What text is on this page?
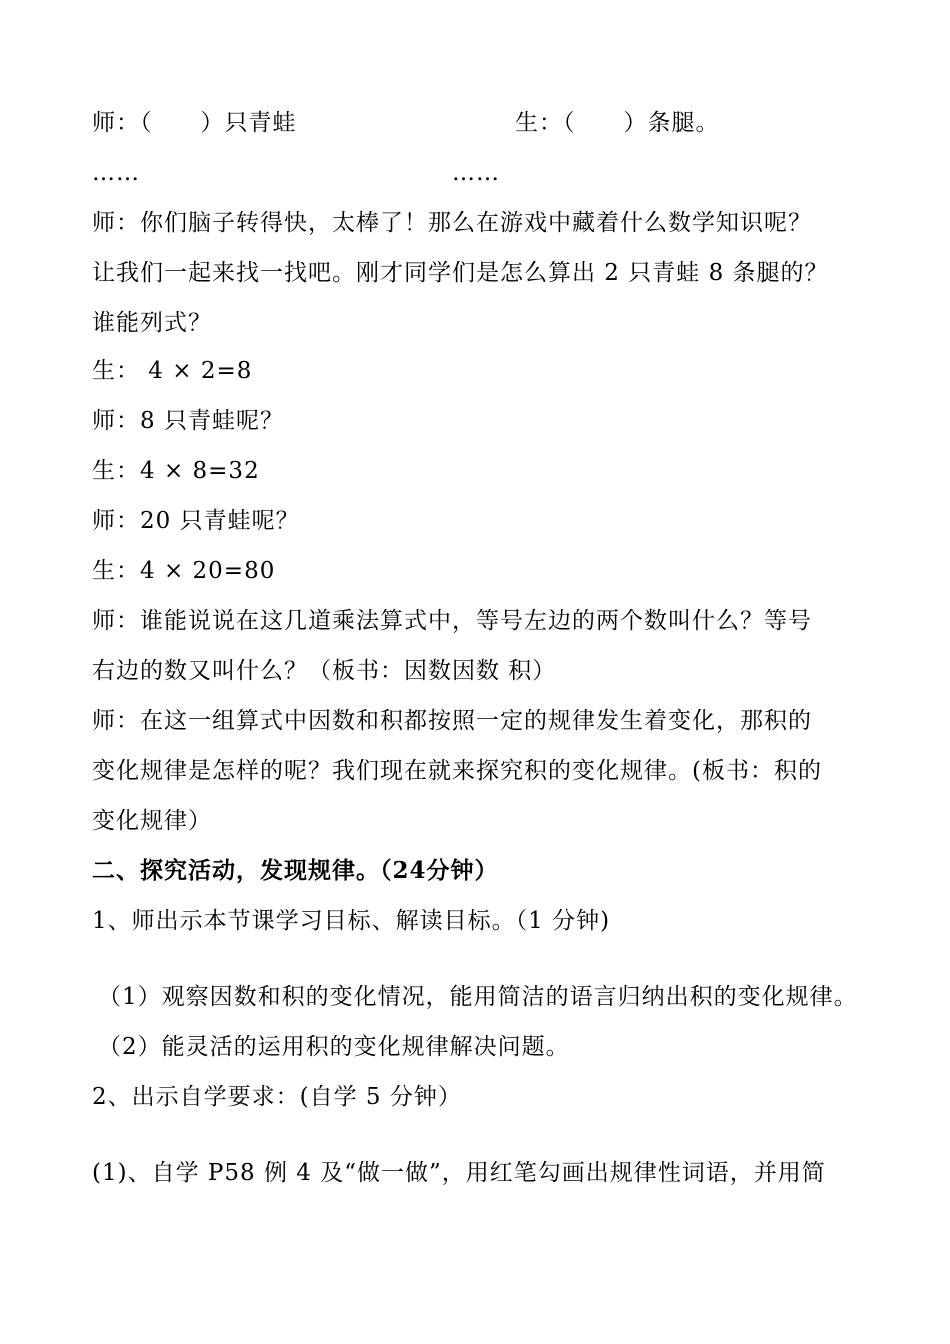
师：（　　）只青蛙	生：（　　）条腿。
……	……
师：你们脑子转得快，太棒了！那么在游戏中藏着什么数学知识呢？
让我们一起来找一找吧。刚才同学们是怎么算出 2 只青蛙 8 条腿的？
谁能列式？
生： 4 × 2=8
师：8 只青蛙呢？
生：4 × 8=32
师：20 只青蛙呢？
生：4 × 20=80
师：谁能说说在这几道乘法算式中，等号左边的两个数叫什么？等号
右边的数又叫什么？（板书：因数因数 积）
师：在这一组算式中因数和积都按照一定的规律发生着变化，那积的
变化规律是怎样的呢？我们现在就来探究积的变化规律。(板书：积的
变化规律）
二、探究活动，发现规律。（24分钟）
1、师出示本节课学习目标、解读目标。（1 分钟)
（1）观察因数和积的变化情况，能用简洁的语言归纳出积的变化规律。
（2）能灵活的运用积的变化规律解决问题。
2、出示自学要求：(自学 5 分钟）
(1)、自学 P58 例 4 及“做一做”，用红笔勾画出规律性词语，并用简
